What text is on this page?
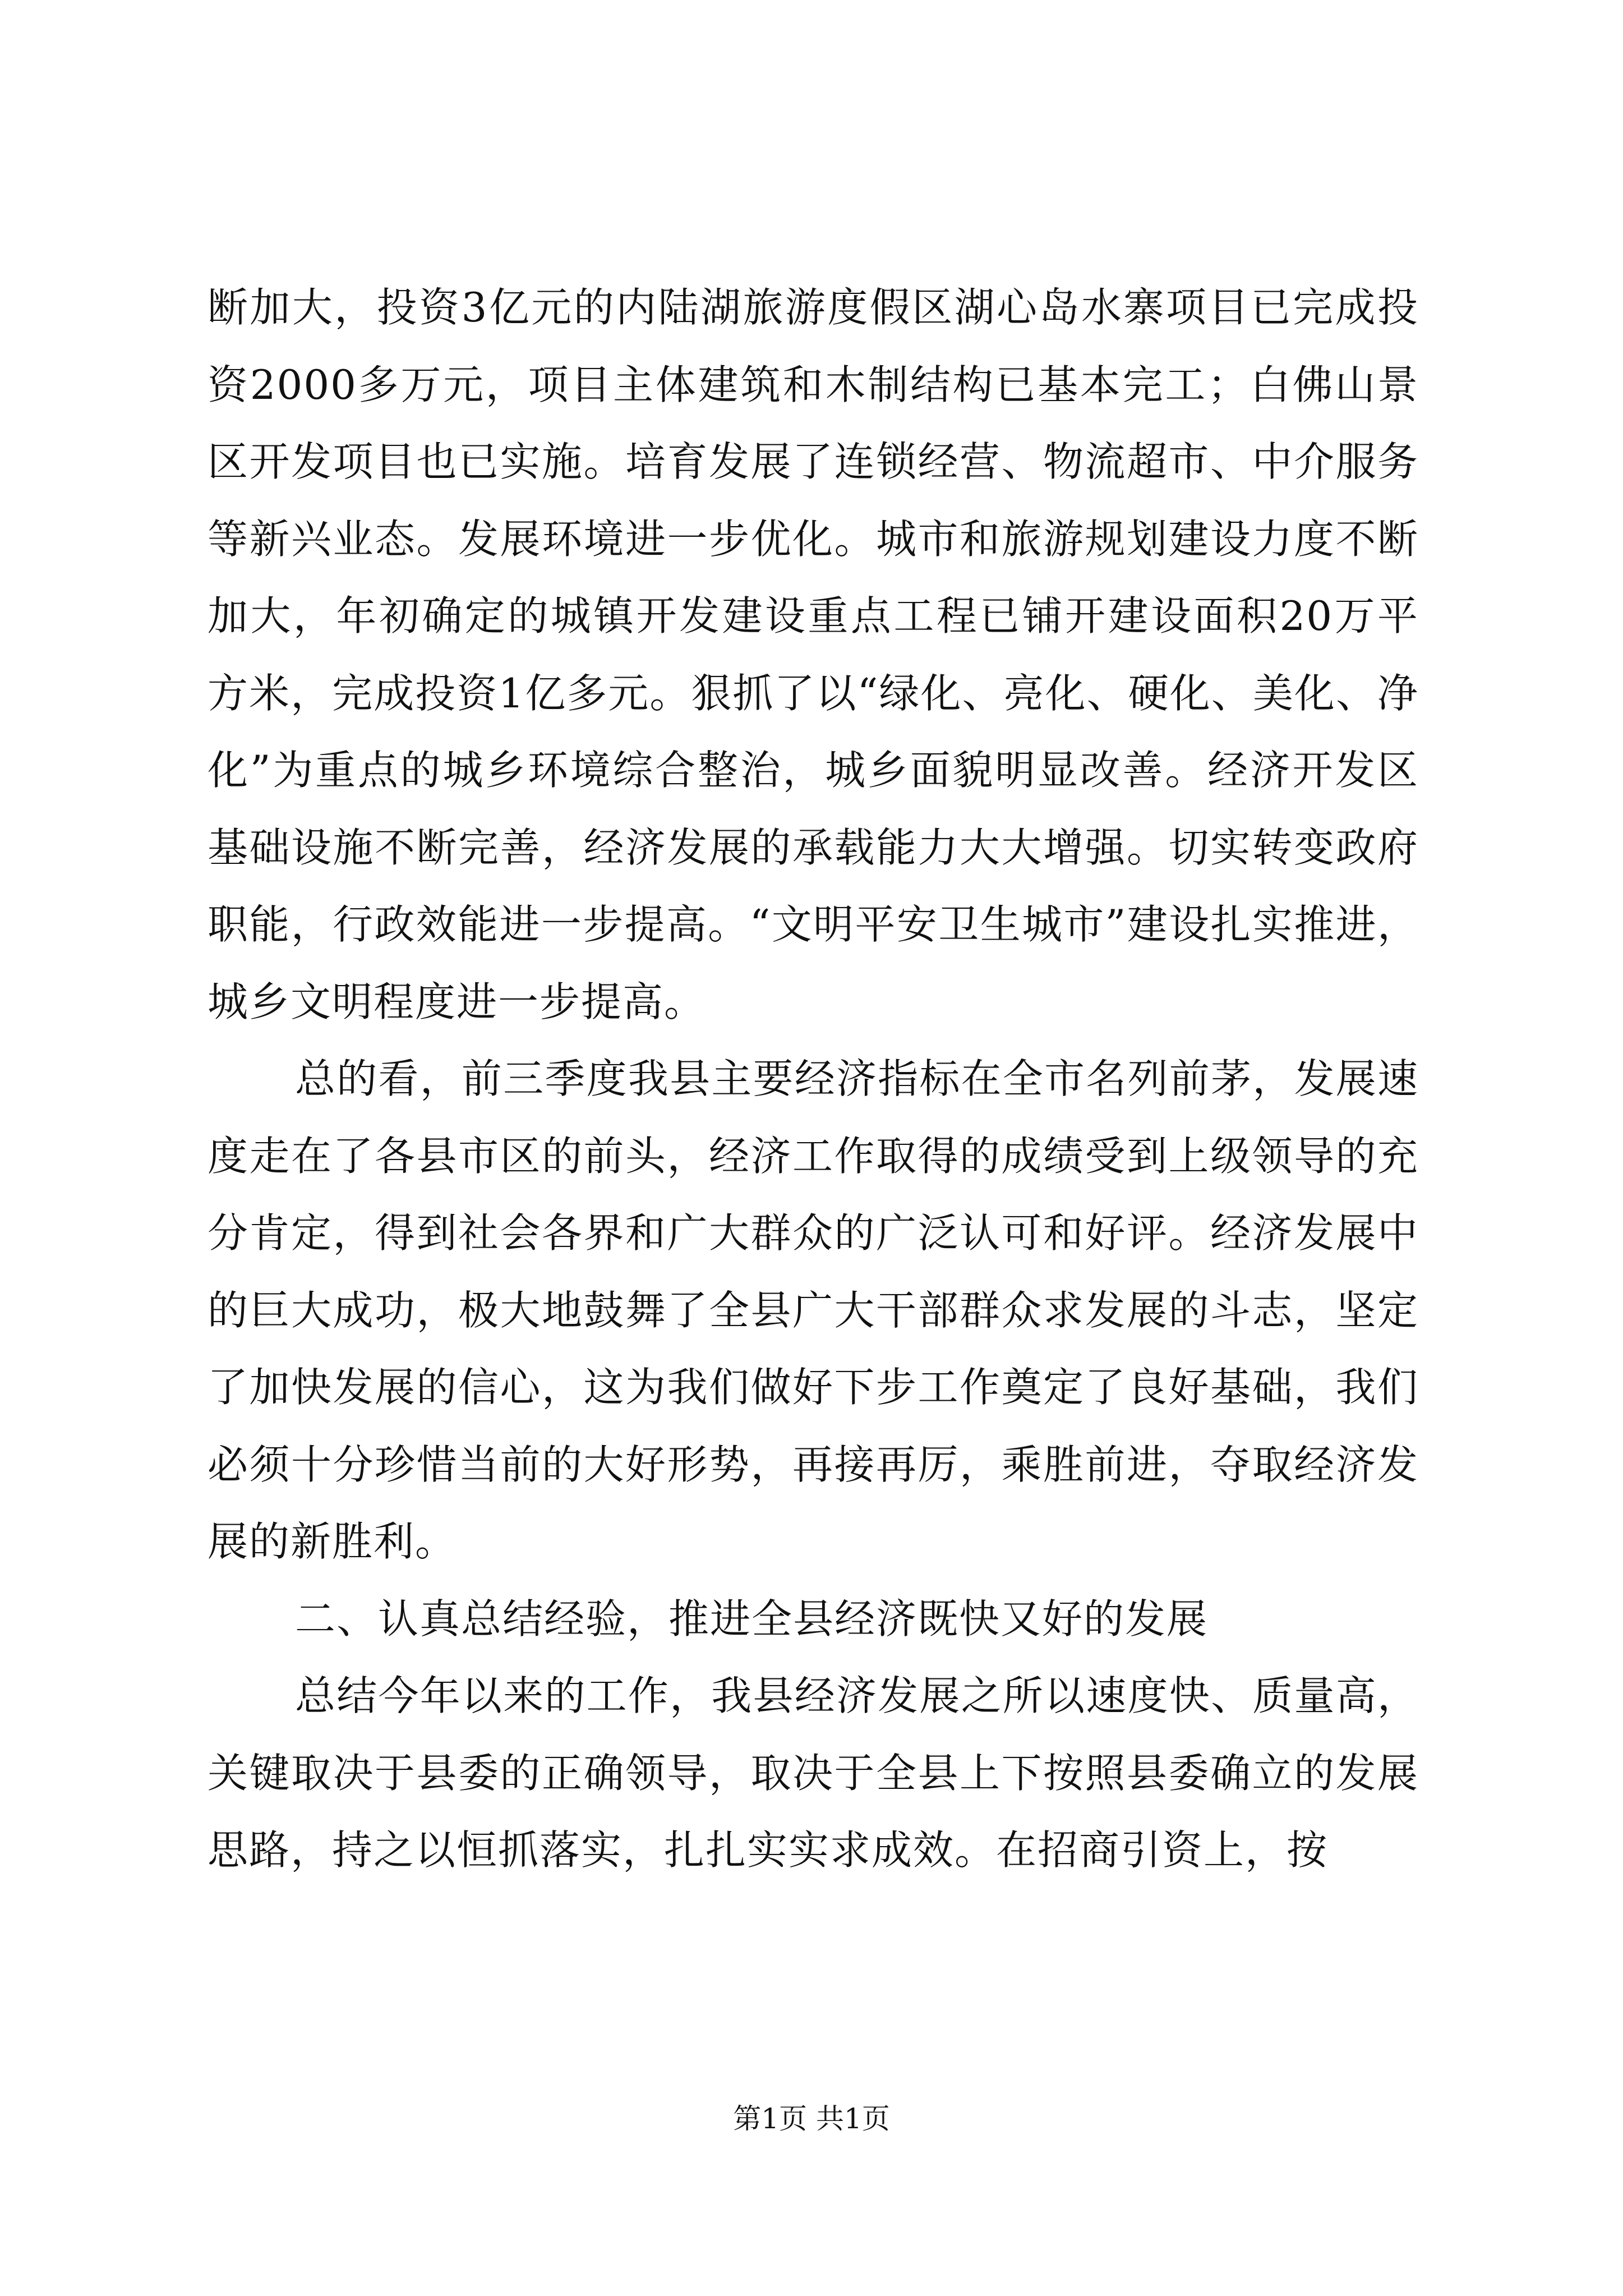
断加大，投资3亿元的内陆湖旅游度假区湖心岛水寨项目已完成投资2000多万元，项目主体建筑和木制结构已基本完工；白佛山景区开发项目也已实施。培育发展了连锁经营、物流超市、中介服务等新兴业态。发展环境进一步优化。城市和旅游规划建设力度不断加大，年初确定的城镇开发建设重点工程已铺开建设面积20万平方米，完成投资1亿多元。狠抓了以“绿化、亮化、硬化、美化、净化”为重点的城乡环境综合整治，城乡面貌明显改善。经济开发区基础设施不断完善，经济发展的承载能力大大增强。切实转变政府职能，行政效能进一步提高。“文明平安卫生城市”建设扎实推进，城乡文明程度进一步提高。

总的看，前三季度我县主要经济指标在全市名列前茅，发展速度走在了各县市区的前头，经济工作取得的成绩受到上级领导的充分肯定，得到社会各界和广大群众的广泛认可和好评。经济发展中的巨大成功，极大地鼓舞了全县广大干部群众求发展的斗志，坚定了加快发展的信心，这为我们做好下步工作奠定了良好基础，我们必须十分珍惜当前的大好形势，再接再厉，乘胜前进，夺取经济发展的新胜利。

二、认真总结经验，推进全县经济既快又好的发展

总结今年以来的工作，我县经济发展之所以速度快、质量高，关键取决于县委的正确领导，取决于全县上下按照县委确立的发展思路，持之以恒抓落实，扎扎实实求成效。在招商引资上，按

第1页 共1页
